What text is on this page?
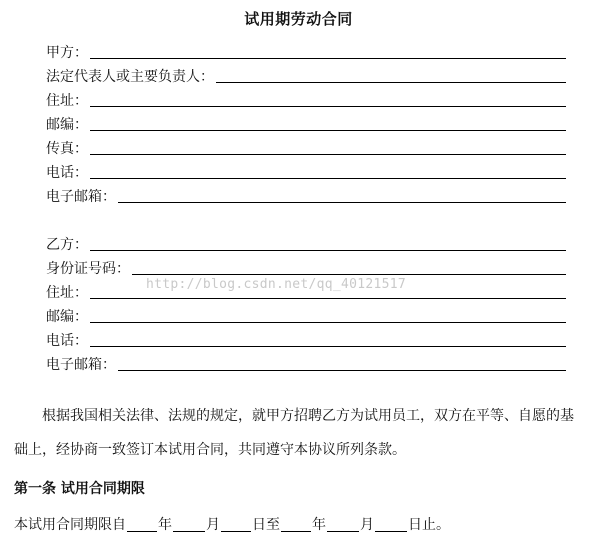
试用期劳动合同
甲方：
法定代表人或主要负责人：
住址：
邮编：
传真：
电话：
电子邮箱：
乙方：
身份证号码：
住址：
邮编：
电话：
电子邮箱：
http://blog.csdn.net/qq_40121517
根据我国相关法律、法规的规定，就甲方招聘乙方为试用员工，双方在平等、自愿的基础上，经协商一致签订本试用合同，共同遵守本协议所列条款。
第一条 试用合同期限
本试用合同期限自 年 月 日至 年 月 日止。
